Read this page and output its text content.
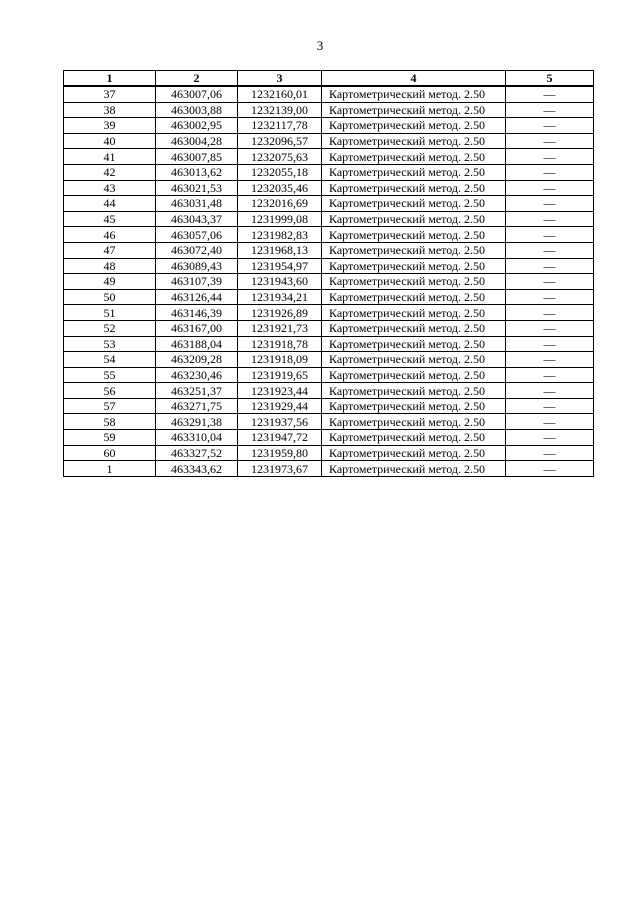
3
1	2	3	4	5
37	463007,06	1232160,01	Картометрический метод. 2.50	—
38	463003,88	1232139,00	Картометрический метод. 2.50	—
39	463002,95	1232117,78	Картометрический метод. 2.50	—
40	463004,28	1232096,57	Картометрический метод. 2.50	—
41	463007,85	1232075,63	Картометрический метод. 2.50	—
42	463013,62	1232055,18	Картометрический метод. 2.50	—
43	463021,53	1232035,46	Картометрический метод. 2.50	—
44	463031,48	1232016,69	Картометрический метод. 2.50	—
45	463043,37	1231999,08	Картометрический метод. 2.50	—
46	463057,06	1231982,83	Картометрический метод. 2.50	—
47	463072,40	1231968,13	Картометрический метод. 2.50	—
48	463089,43	1231954,97	Картометрический метод. 2.50	—
49	463107,39	1231943,60	Картометрический метод. 2.50	—
50	463126,44	1231934,21	Картометрический метод. 2.50	—
51	463146,39	1231926,89	Картометрический метод. 2.50	—
52	463167,00	1231921,73	Картометрический метод. 2.50	—
53	463188,04	1231918,78	Картометрический метод. 2.50	—
54	463209,28	1231918,09	Картометрический метод. 2.50	—
55	463230,46	1231919,65	Картометрический метод. 2.50	—
56	463251,37	1231923,44	Картометрический метод. 2.50	—
57	463271,75	1231929,44	Картометрический метод. 2.50	—
58	463291,38	1231937,56	Картометрический метод. 2.50	—
59	463310,04	1231947,72	Картометрический метод. 2.50	—
60	463327,52	1231959,80	Картометрический метод. 2.50	—
1	463343,62	1231973,67	Картометрический метод. 2.50	—
